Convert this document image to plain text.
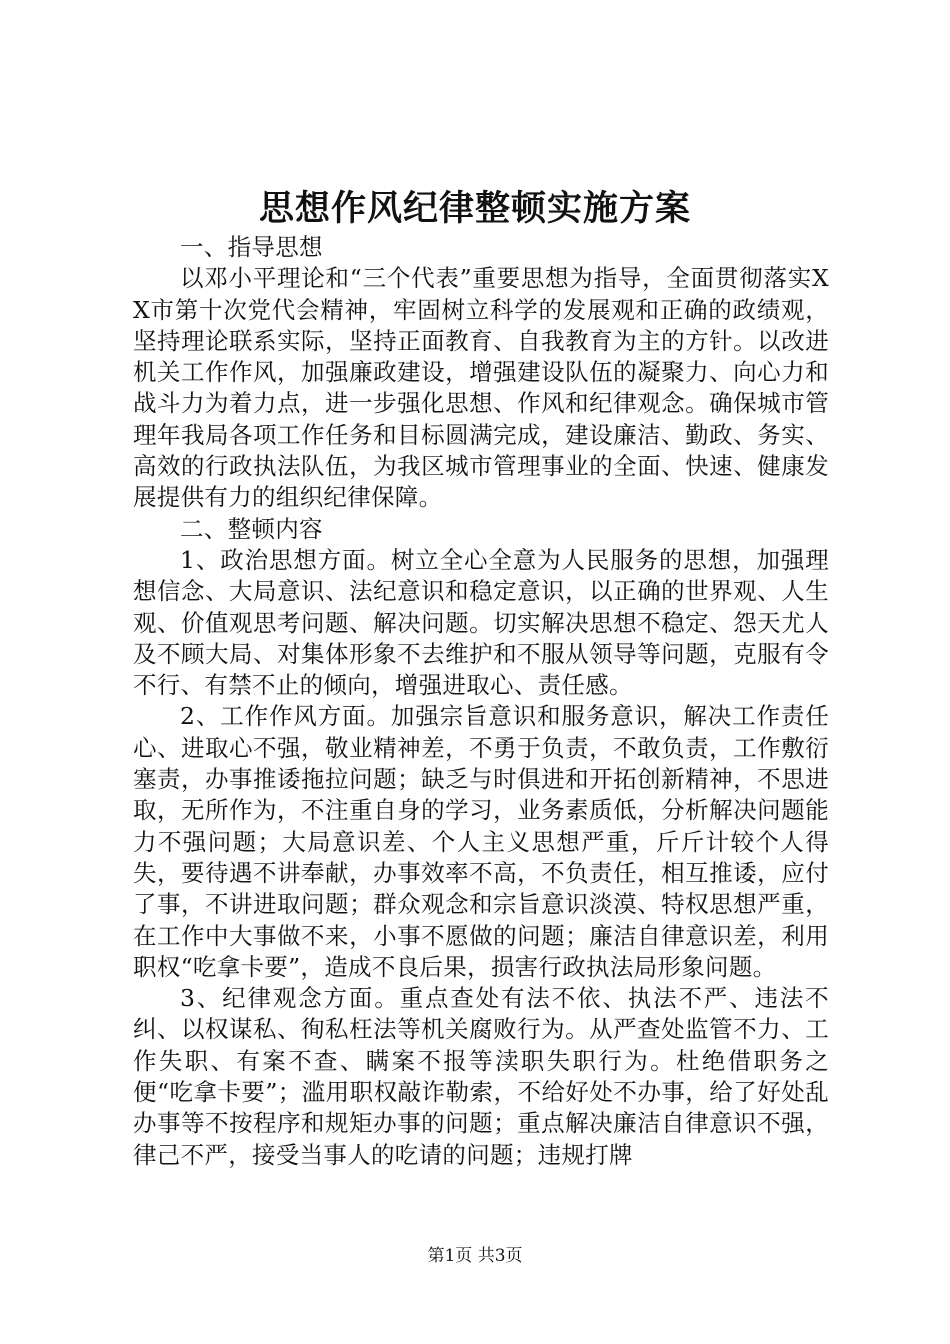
思想作风纪律整顿实施方案

一、指导思想

以邓小平理论和“三个代表”重要思想为指导，全面贯彻落实XX市第十次党代会精神，牢固树立科学的发展观和正确的政绩观，坚持理论联系实际，坚持正面教育、自我教育为主的方针。以改进机关工作作风，加强廉政建设，增强建设队伍的凝聚力、向心力和战斗力为着力点，进一步强化思想、作风和纪律观念。确保城市管理年我局各项工作任务和目标圆满完成，建设廉洁、勤政、务实、高效的行政执法队伍，为我区城市管理事业的全面、快速、健康发展提供有力的组织纪律保障。

二、整顿内容

1、政治思想方面。树立全心全意为人民服务的思想，加强理想信念、大局意识、法纪意识和稳定意识，以正确的世界观、人生观、价值观思考问题、解决问题。切实解决思想不稳定、怨天尤人及不顾大局、对集体形象不去维护和不服从领导等问题，克服有令不行、有禁不止的倾向，增强进取心、责任感。

2、工作作风方面。加强宗旨意识和服务意识，解决工作责任心、进取心不强，敬业精神差，不勇于负责，不敢负责，工作敷衍塞责，办事推诿拖拉问题；缺乏与时俱进和开拓创新精神，不思进取，无所作为，不注重自身的学习，业务素质低，分析解决问题能力不强问题；大局意识差、个人主义思想严重，斤斤计较个人得失，要待遇不讲奉献，办事效率不高，不负责任，相互推诿，应付了事，不讲进取问题；群众观念和宗旨意识淡漠、特权思想严重，在工作中大事做不来，小事不愿做的问题；廉洁自律意识差，利用职权“吃拿卡要”，造成不良后果，损害行政执法局形象问题。

3、纪律观念方面。重点查处有法不依、执法不严、违法不纠、以权谋私、徇私枉法等机关腐败行为。从严查处监管不力、工作失职、有案不查、瞒案不报等渎职失职行为。杜绝借职务之便“吃拿卡要”；滥用职权敲诈勒索，不给好处不办事，给了好处乱办事等不按程序和规矩办事的问题；重点解决廉洁自律意识不强，律己不严，接受当事人的吃请的问题；违规打牌

第1页 共3页
